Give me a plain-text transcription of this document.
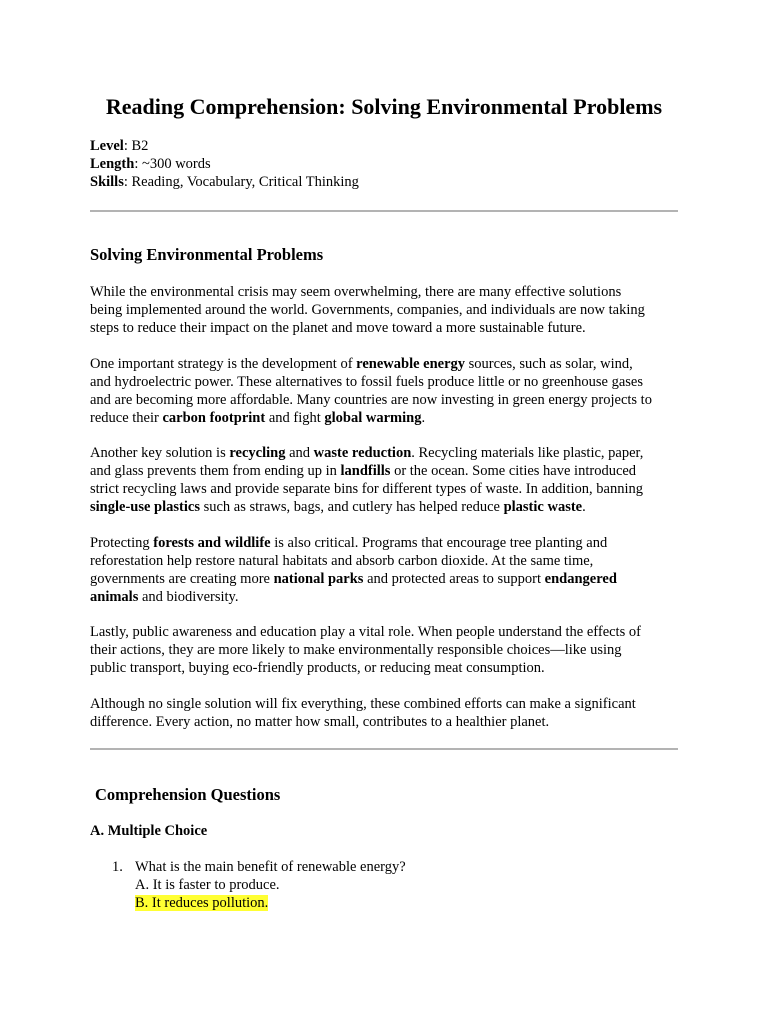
Reading Comprehension: Solving Environmental Problems
Level: B2
Length: ~300 words
Skills: Reading, Vocabulary, Critical Thinking
Solving Environmental Problems

While the environmental crisis may seem overwhelming, there are many effective solutions
being implemented around the world. Governments, companies, and individuals are now taking
steps to reduce their impact on the planet and move toward a more sustainable future.

One important strategy is the development of renewable energy sources, such as solar, wind,
and hydroelectric power. These alternatives to fossil fuels produce little or no greenhouse gases
and are becoming more affordable. Many countries are now investing in green energy projects to
reduce their carbon footprint and fight global warming.

Another key solution is recycling and waste reduction. Recycling materials like plastic, paper,
and glass prevents them from ending up in landfills or the ocean. Some cities have introduced
strict recycling laws and provide separate bins for different types of waste. In addition, banning
single-use plastics such as straws, bags, and cutlery has helped reduce plastic waste.

Protecting forests and wildlife is also critical. Programs that encourage tree planting and
reforestation help restore natural habitats and absorb carbon dioxide. At the same time,
governments are creating more national parks and protected areas to support endangered
animals and biodiversity.

Lastly, public awareness and education play a vital role. When people understand the effects of
their actions, they are more likely to make environmentally responsible choices—like using
public transport, buying eco-friendly products, or reducing meat consumption.

Although no single solution will fix everything, these combined efforts can make a significant
difference. Every action, no matter how small, contributes to a healthier planet.

Comprehension Questions
A. Multiple Choice
1. What is the main benefit of renewable energy?
A. It is faster to produce.
B. It reduces pollution.
